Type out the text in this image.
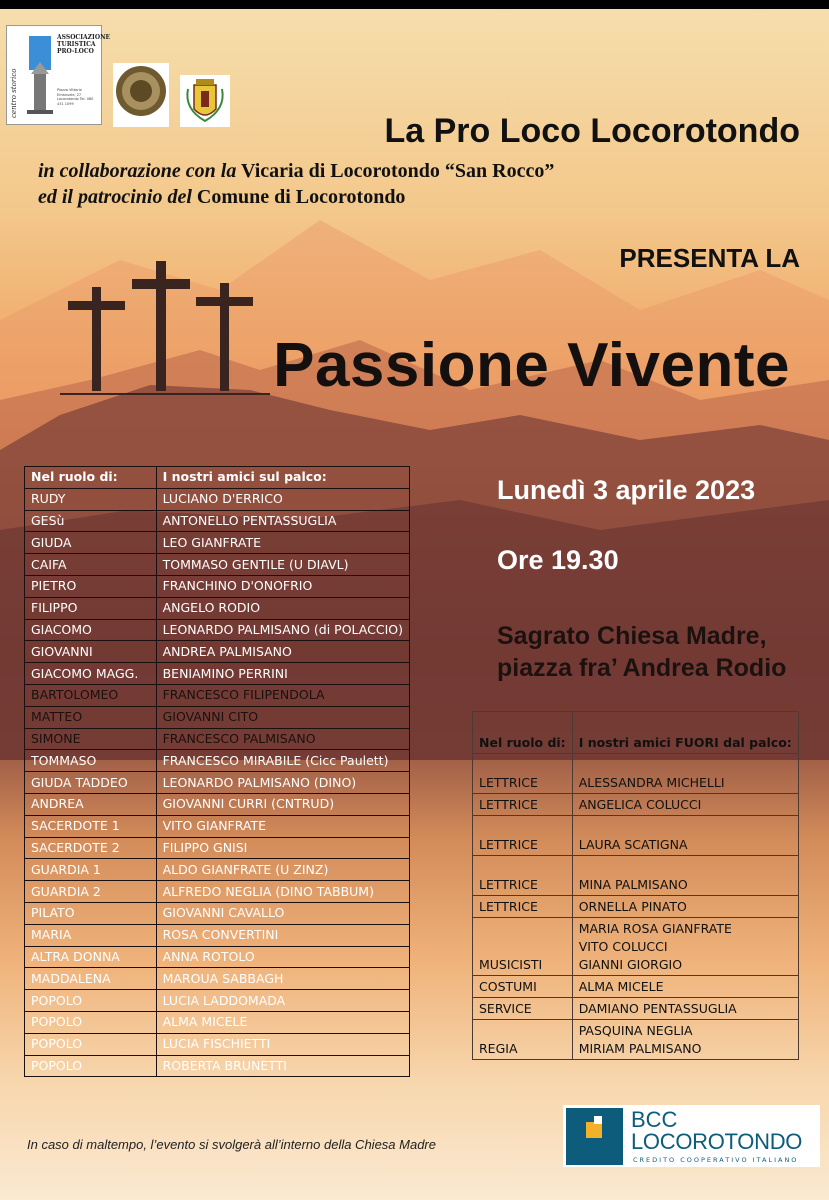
centro storico
ASSOCIAZIONE TURISTICA PRO-LOCO
Piazza Vittorio Emanuele, 27 Locorotondo Tel. 080 431 1099
La Pro Loco Locorotondo
in collaborazione con la Vicaria di Locorotondo “San Rocco”
ed il patrocinio del Comune di Locorotondo
PRESENTA LA
Passione Vivente
Lunedì 3 aprile 2023
Ore 19.30
Sagrato Chiesa Madre,
piazza fra’ Andrea Rodio
Nel ruolo di:	I nostri amici sul palco:
RUDY	LUCIANO D'ERRICO
GESù	ANTONELLO PENTASSUGLIA
GIUDA	LEO GIANFRATE
CAIFA	TOMMASO GENTILE (U DIAVL)
PIETRO	FRANCHINO D'ONOFRIO
FILIPPO	ANGELO RODIO
GIACOMO	LEONARDO PALMISANO (di POLACCIO)
GIOVANNI	ANDREA PALMISANO
GIACOMO MAGG.	BENIAMINO PERRINI
BARTOLOMEO	FRANCESCO FILIPENDOLA
MATTEO	GIOVANNI CITO
SIMONE	FRANCESCO PALMISANO
TOMMASO	FRANCESCO MIRABILE (Cicc Paulett)
GIUDA TADDEO	LEONARDO PALMISANO (DINO)
ANDREA	GIOVANNI CURRI (CNTRUD)
SACERDOTE 1	VITO GIANFRATE
SACERDOTE 2	FILIPPO GNISI
GUARDIA 1	ALDO GIANFRATE (U ZINZ)
GUARDIA 2	ALFREDO NEGLIA (DINO TABBUM)
PILATO	GIOVANNI CAVALLO
MARIA	ROSA CONVERTINI
ALTRA DONNA	ANNA ROTOLO
MADDALENA	MAROUA SABBAGH
POPOLO	LUCIA LADDOMADA
POPOLO	ALMA MICELE
POPOLO	LUCIA FISCHIETTI
POPOLO	ROBERTA BRUNETTI
Nel ruolo di:	I nostri amici FUORI dal palco:
LETTRICE	ALESSANDRA MICHELLI

LETTRICE	ANGELICA COLUCCI

LETTRICE	LAURA SCATIGNA

LETTRICE	MINA PALMISANO

LETTRICE	ORNELLA PINATO

MUSICISTI	MARIA ROSA GIANFRATE
VITO COLUCCI
GIANNI GIORGIO

COSTUMI	ALMA MICELE

SERVICE	DAMIANO PENTASSUGLIA

REGIA	PASQUINA NEGLIA
MIRIAM PALMISANO
In caso di maltempo, l’evento si svolgerà all’interno della Chiesa Madre
BCC
LOCOROTONDO
CREDITO COOPERATIVO ITALIANO
